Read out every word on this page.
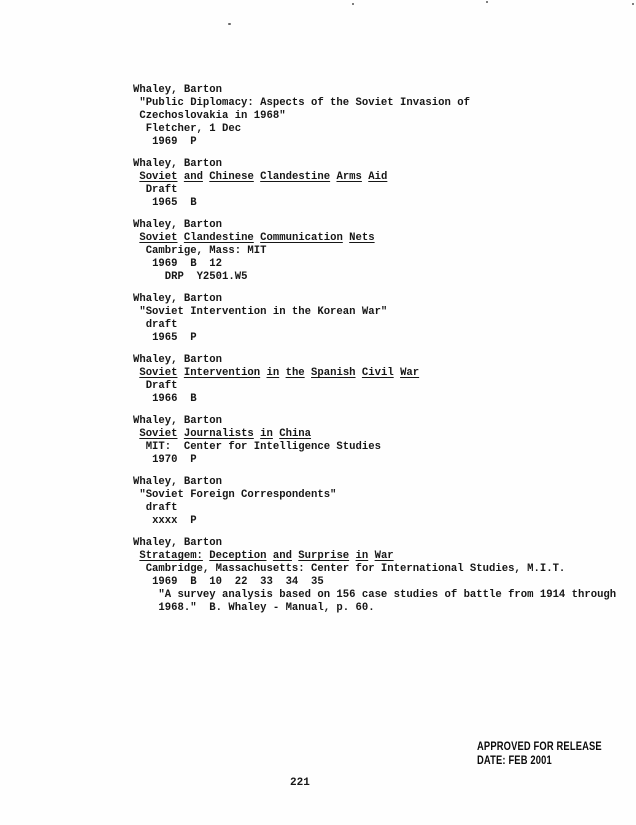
Whaley, Barton
"Public Diplomacy: Aspects of the Soviet Invasion of
Czechoslovakia in 1968"
Fletcher, 1 Dec
1969  P
Whaley, Barton
Soviet and Chinese Clandestine Arms Aid
Draft
1965  B
Whaley, Barton
Soviet Clandestine Communication Nets
Cambrige, Mass: MIT
1969  B  12
DRP  Y2501.W5
Whaley, Barton
"Soviet Intervention in the Korean War"
draft
1965  P
Whaley, Barton
Soviet Intervention in the Spanish Civil War
Draft
1966  B
Whaley, Barton
Soviet Journalists in China
MIT:  Center for Intelligence Studies
1970  P
Whaley, Barton
"Soviet Foreign Correspondents"
draft
xxxx  P
Whaley, Barton
Stratagem: Deception and Surprise in War
Cambridge, Massachusetts: Center for International Studies, M.I.T.
1969  B  10  22  33  34  35
"A survey analysis based on 156 case studies of battle from 1914 through
1968."  B. Whaley - Manual, p. 60.
APPROVED FOR RELEASE
DATE: FEB 2001
221
